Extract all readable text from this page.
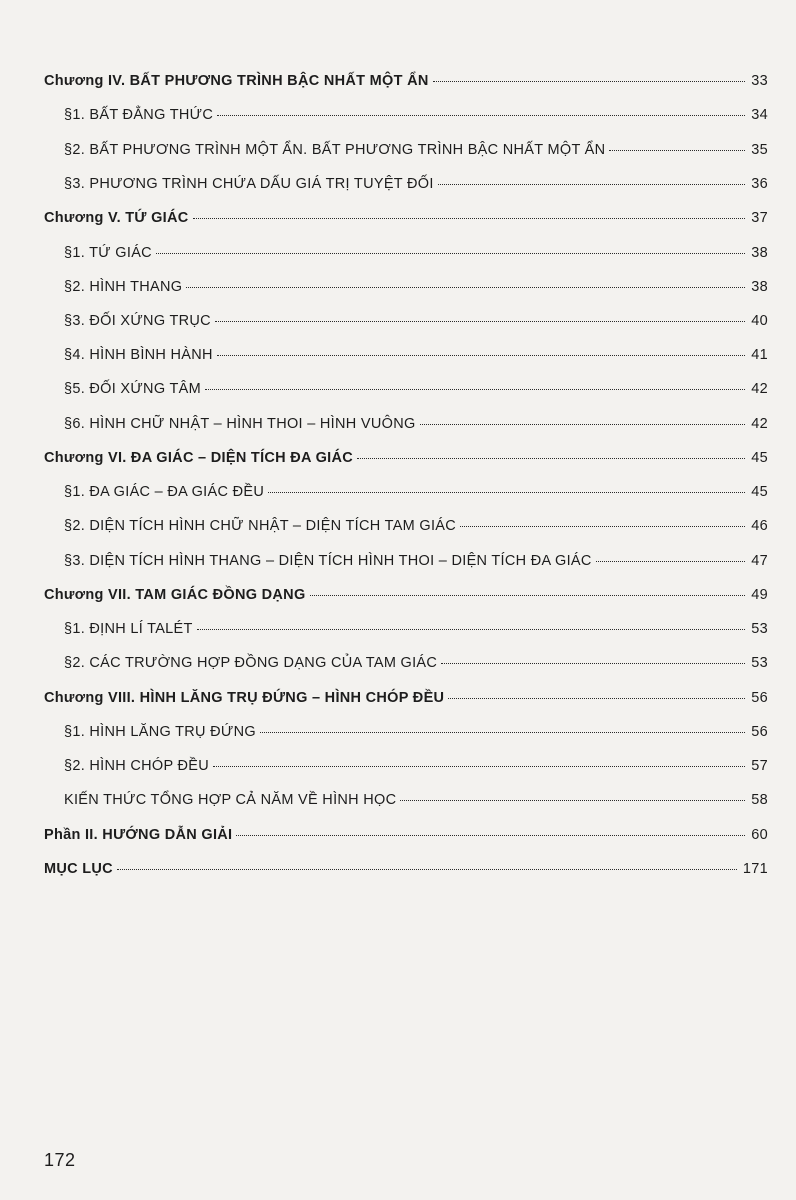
Chương IV. BẤT PHƯƠNG TRÌNH BẬC NHẤT MỘT ẨN	33
§1. BẤT ĐẲNG THỨC	34
§2. BẤT PHƯƠNG TRÌNH MỘT ẨN. BẤT PHƯƠNG TRÌNH BẬC NHẤT MỘT ẨN	35
§3. PHƯƠNG TRÌNH CHỨA DẤU GIÁ TRỊ TUYỆT ĐỐI	36
Chương V. TỨ GIÁC	37
§1. TỨ GIÁC	38
§2. HÌNH THANG	38
§3. ĐỐI XỨNG TRỤC	40
§4. HÌNH BÌNH HÀNH	41
§5. ĐỐI XỨNG TÂM	42
§6. HÌNH CHỮ NHẬT – HÌNH THOI – HÌNH VUÔNG	42
Chương VI. ĐA GIÁC – DIỆN TÍCH ĐA GIÁC	45
§1. ĐA GIÁC – ĐA GIÁC ĐỀU	45
§2. DIỆN TÍCH HÌNH CHỮ NHẬT – DIỆN TÍCH TAM GIÁC	46
§3. DIỆN TÍCH HÌNH THANG – DIỆN TÍCH HÌNH THOI – DIỆN TÍCH ĐA GIÁC	47
Chương VII. TAM GIÁC ĐỒNG DẠNG	49
§1. ĐỊNH LÍ TALÉT	53
§2. CÁC TRƯỜNG HỢP ĐỒNG DẠNG CỦA TAM GIÁC	53
Chương VIII. HÌNH LĂNG TRỤ ĐỨNG – HÌNH CHÓP ĐỀU	56
§1. HÌNH LĂNG TRỤ ĐỨNG	56
§2. HÌNH CHÓP ĐỀU	57
KIẾN THỨC TỔNG HỢP CẢ NĂM VỀ HÌNH HỌC	58
Phần II. HƯỚNG DẪN GIẢI	60
MỤC LỤC	171
172
